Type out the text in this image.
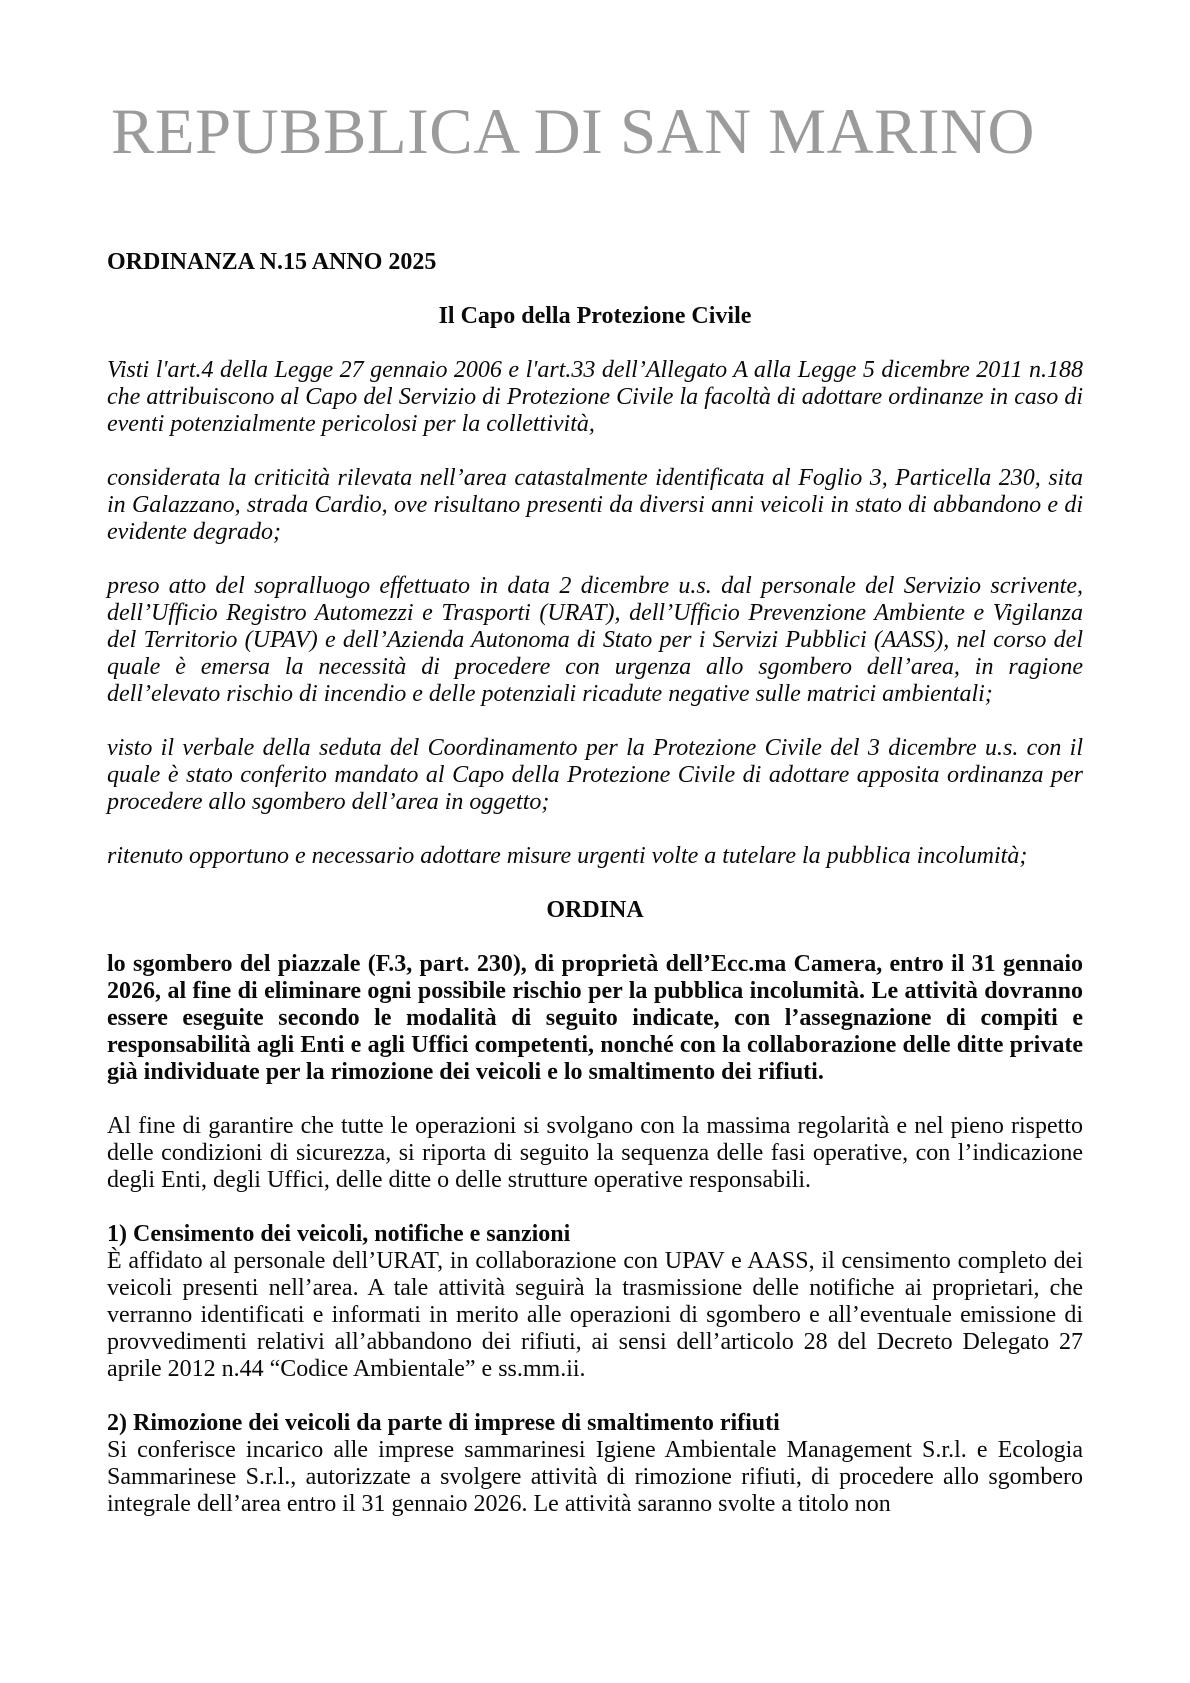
REPUBBLICA DI SAN MARINO

ORDINANZA N.15 ANNO 2025

Il Capo della Protezione Civile

Visti l'art.4 della Legge 27 gennaio 2006 e l'art.33 dell’Allegato A alla Legge 5 dicembre 2011 n.188 che attribuiscono al Capo del Servizio di Protezione Civile la facoltà di adottare ordinanze in caso di eventi potenzialmente pericolosi per la collettività,

considerata la criticità rilevata nell’area catastalmente identificata al Foglio 3, Particella 230, sita in Galazzano, strada Cardio, ove risultano presenti da diversi anni veicoli in stato di abbandono e di evidente degrado;

preso atto del sopralluogo effettuato in data 2 dicembre u.s. dal personale del Servizio scrivente, dell’Ufficio Registro Automezzi e Trasporti (URAT), dell’Ufficio Prevenzione Ambiente e Vigilanza del Territorio (UPAV) e dell’Azienda Autonoma di Stato per i Servizi Pubblici (AASS), nel corso del quale è emersa la necessità di procedere con urgenza allo sgombero dell’area, in ragione dell’elevato rischio di incendio e delle potenziali ricadute negative sulle matrici ambientali;

visto il verbale della seduta del Coordinamento per la Protezione Civile del 3 dicembre u.s. con il quale è stato conferito mandato al Capo della Protezione Civile di adottare apposita ordinanza per procedere allo sgombero dell’area in oggetto;

ritenuto opportuno e necessario adottare misure urgenti volte a tutelare la pubblica incolumità;

ORDINA

lo sgombero del piazzale (F.3, part. 230), di proprietà dell’Ecc.ma Camera, entro il 31 gennaio 2026, al fine di eliminare ogni possibile rischio per la pubblica incolumità. Le attività dovranno essere eseguite secondo le modalità di seguito indicate, con l’assegnazione di compiti e responsabilità agli Enti e agli Uffici competenti, nonché con la collaborazione delle ditte private già individuate per la rimozione dei veicoli e lo smaltimento dei rifiuti.

Al fine di garantire che tutte le operazioni si svolgano con la massima regolarità e nel pieno rispetto delle condizioni di sicurezza, si riporta di seguito la sequenza delle fasi operative, con l’indicazione degli Enti, degli Uffici, delle ditte o delle strutture operative responsabili.

1) Censimento dei veicoli, notifiche e sanzioni

È affidato al personale dell’URAT, in collaborazione con UPAV e AASS, il censimento completo dei veicoli presenti nell’area. A tale attività seguirà la trasmissione delle notifiche ai proprietari, che verranno identificati e informati in merito alle operazioni di sgombero e all’eventuale emissione di provvedimenti relativi all’abbandono dei rifiuti, ai sensi dell’articolo 28 del Decreto Delegato 27 aprile 2012 n.44 “Codice Ambientale” e ss.mm.ii.

2) Rimozione dei veicoli da parte di imprese di smaltimento rifiuti

Si conferisce incarico alle imprese sammarinesi Igiene Ambientale Management S.r.l. e Ecologia Sammarinese S.r.l., autorizzate a svolgere attività di rimozione rifiuti, di procedere allo sgombero integrale dell’area entro il 31 gennaio 2026. Le attività saranno svolte a titolo non
